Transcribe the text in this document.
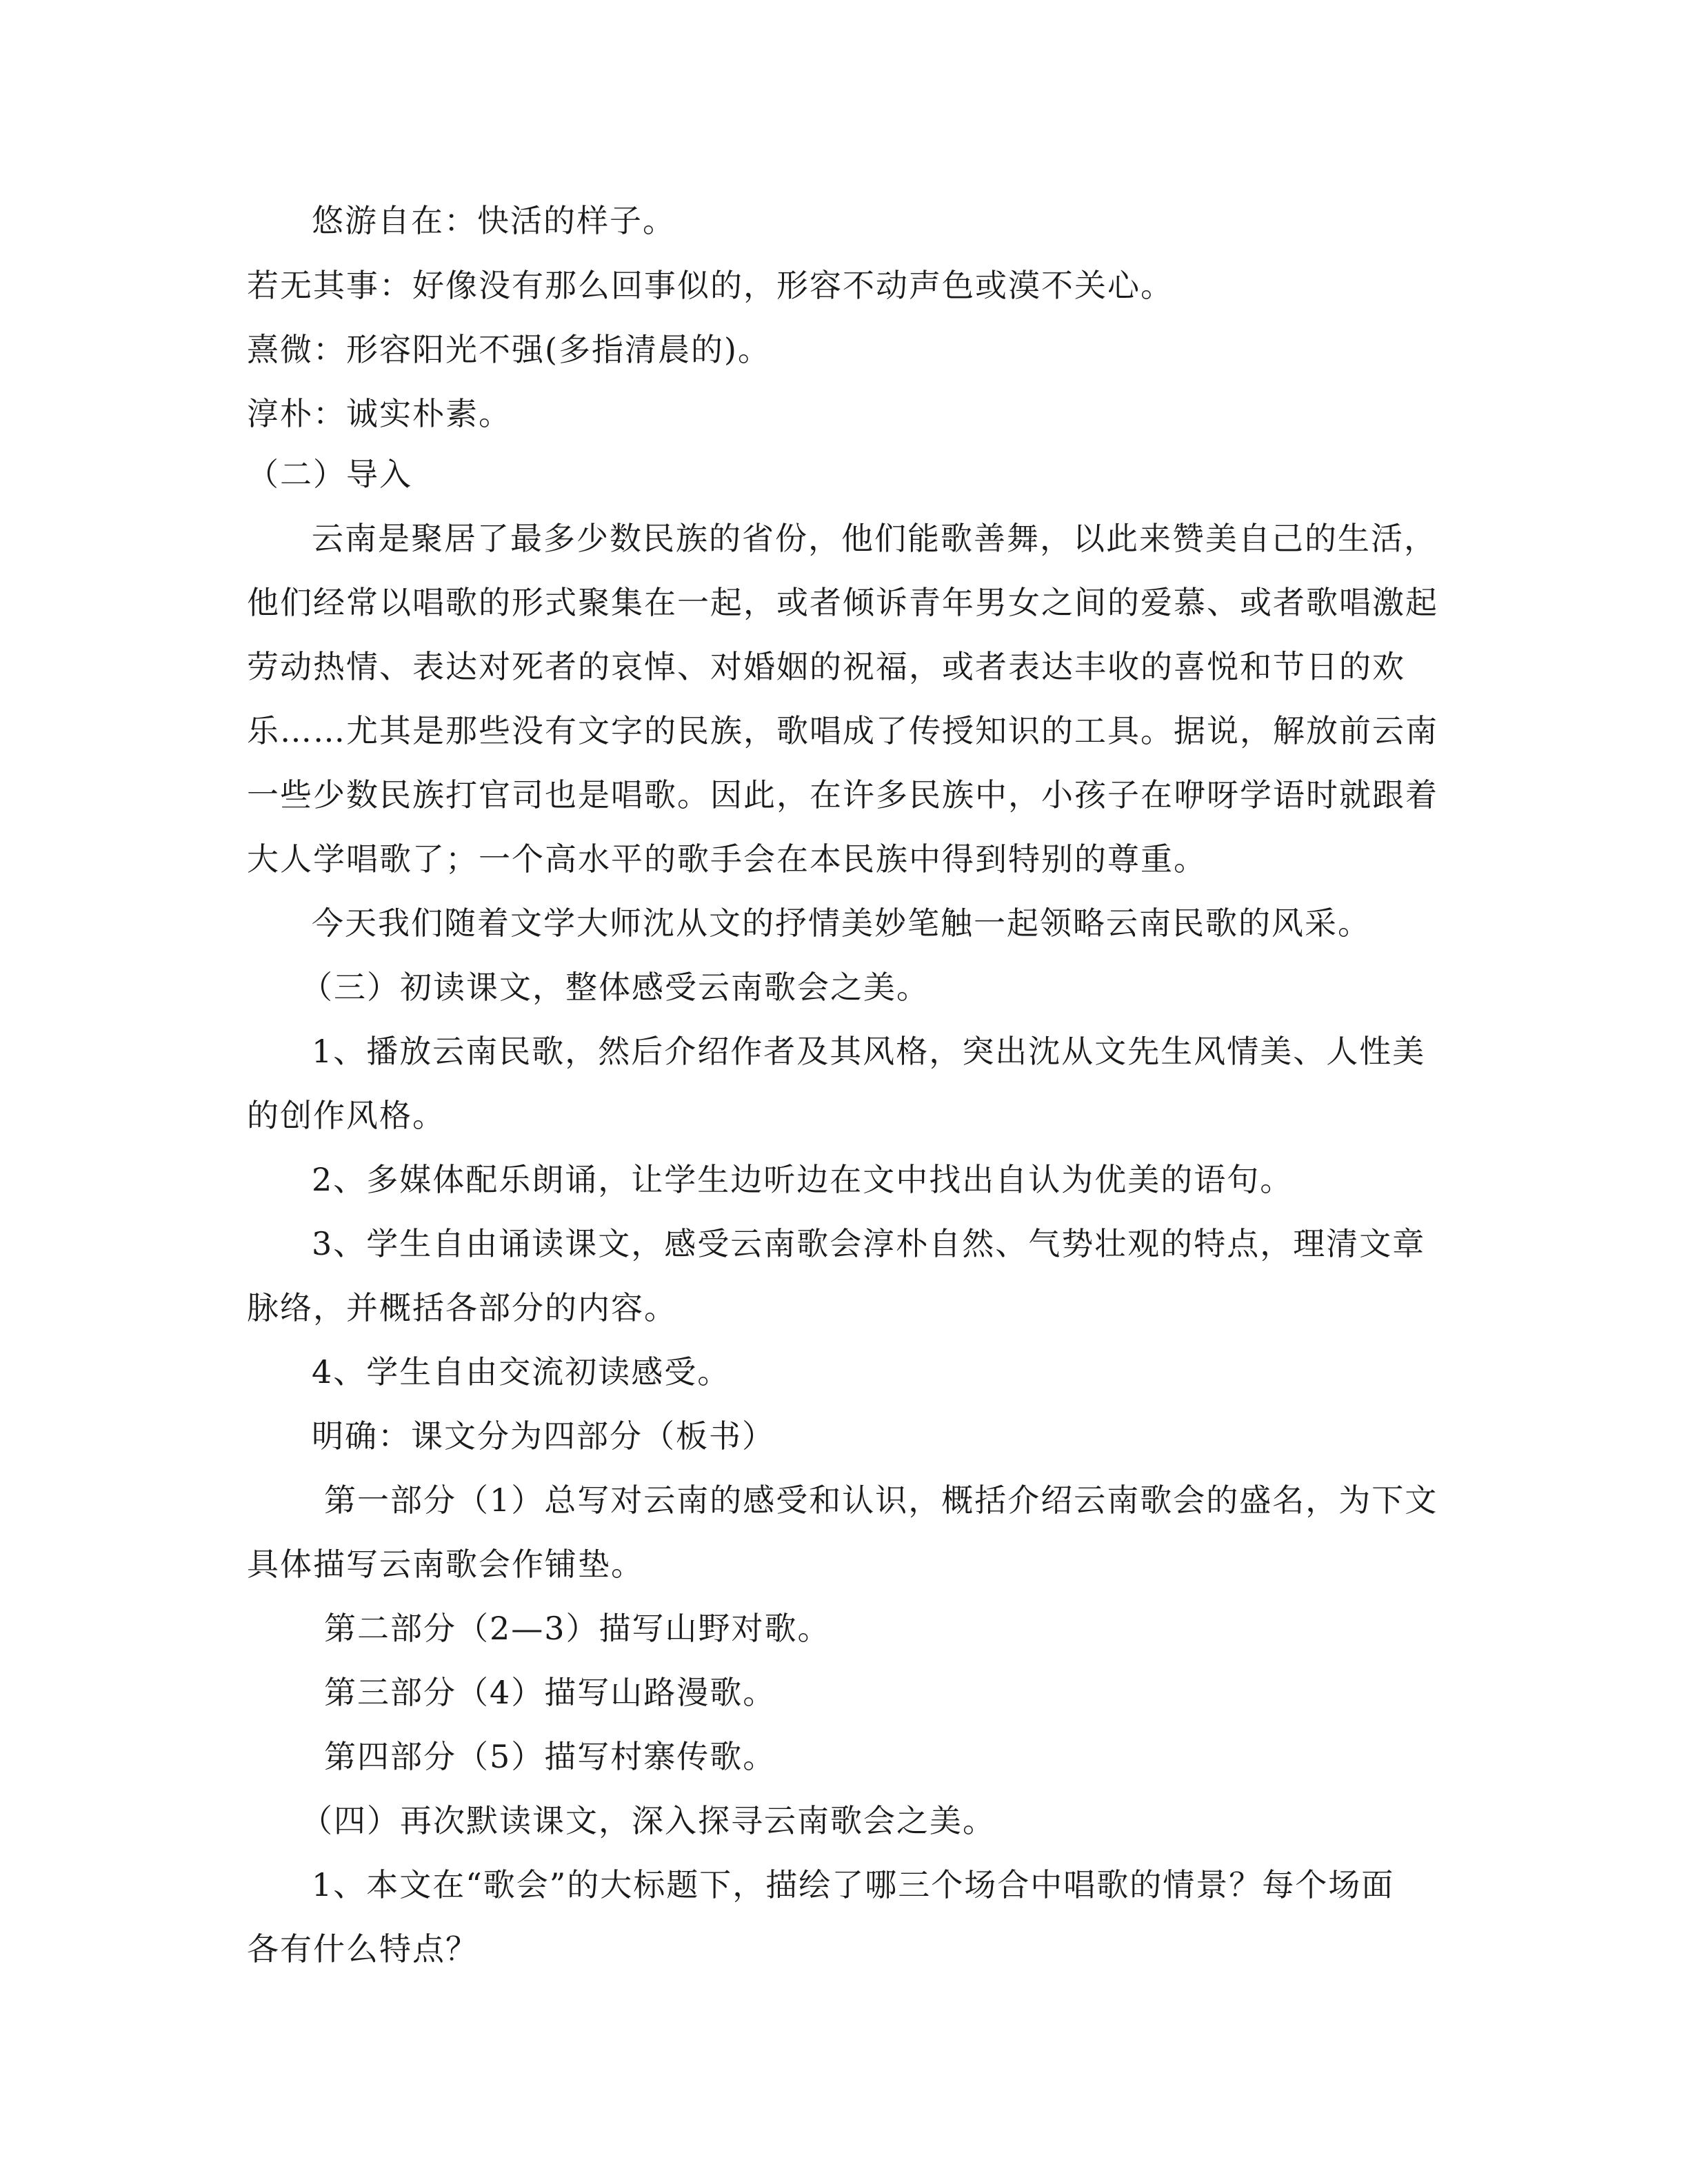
悠游自在：快活的样子。
若无其事：好像没有那么回事似的，形容不动声色或漠不关心。
熹微：形容阳光不强(多指清晨的)。
淳朴：诚实朴素。
（二）导入
云南是聚居了最多少数民族的省份，他们能歌善舞，以此来赞美自己的生活，
他们经常以唱歌的形式聚集在一起，或者倾诉青年男女之间的爱慕、或者歌唱激起
劳动热情、表达对死者的哀悼、对婚姻的祝福，或者表达丰收的喜悦和节日的欢
乐……尤其是那些没有文字的民族，歌唱成了传授知识的工具。据说，解放前云南
一些少数民族打官司也是唱歌。因此，在许多民族中，小孩子在咿呀学语时就跟着
大人学唱歌了；一个高水平的歌手会在本民族中得到特别的尊重。
今天我们随着文学大师沈从文的抒情美妙笔触一起领略云南民歌的风采。
（三）初读课文，整体感受云南歌会之美。
1、播放云南民歌，然后介绍作者及其风格，突出沈从文先生风情美、人性美
的创作风格。
2、多媒体配乐朗诵，让学生边听边在文中找出自认为优美的语句。
3、学生自由诵读课文，感受云南歌会淳朴自然、气势壮观的特点，理清文章
脉络，并概括各部分的内容。
4、学生自由交流初读感受。
明确：课文分为四部分（板书）
第一部分（1）总写对云南的感受和认识，概括介绍云南歌会的盛名，为下文
具体描写云南歌会作铺垫。
第二部分（2—3）描写山野对歌。
第三部分（4）描写山路漫歌。
第四部分（5）描写村寨传歌。
（四）再次默读课文，深入探寻云南歌会之美。
1、本文在“歌会”的大标题下，描绘了哪三个场合中唱歌的情景？每个场面
各有什么特点？
